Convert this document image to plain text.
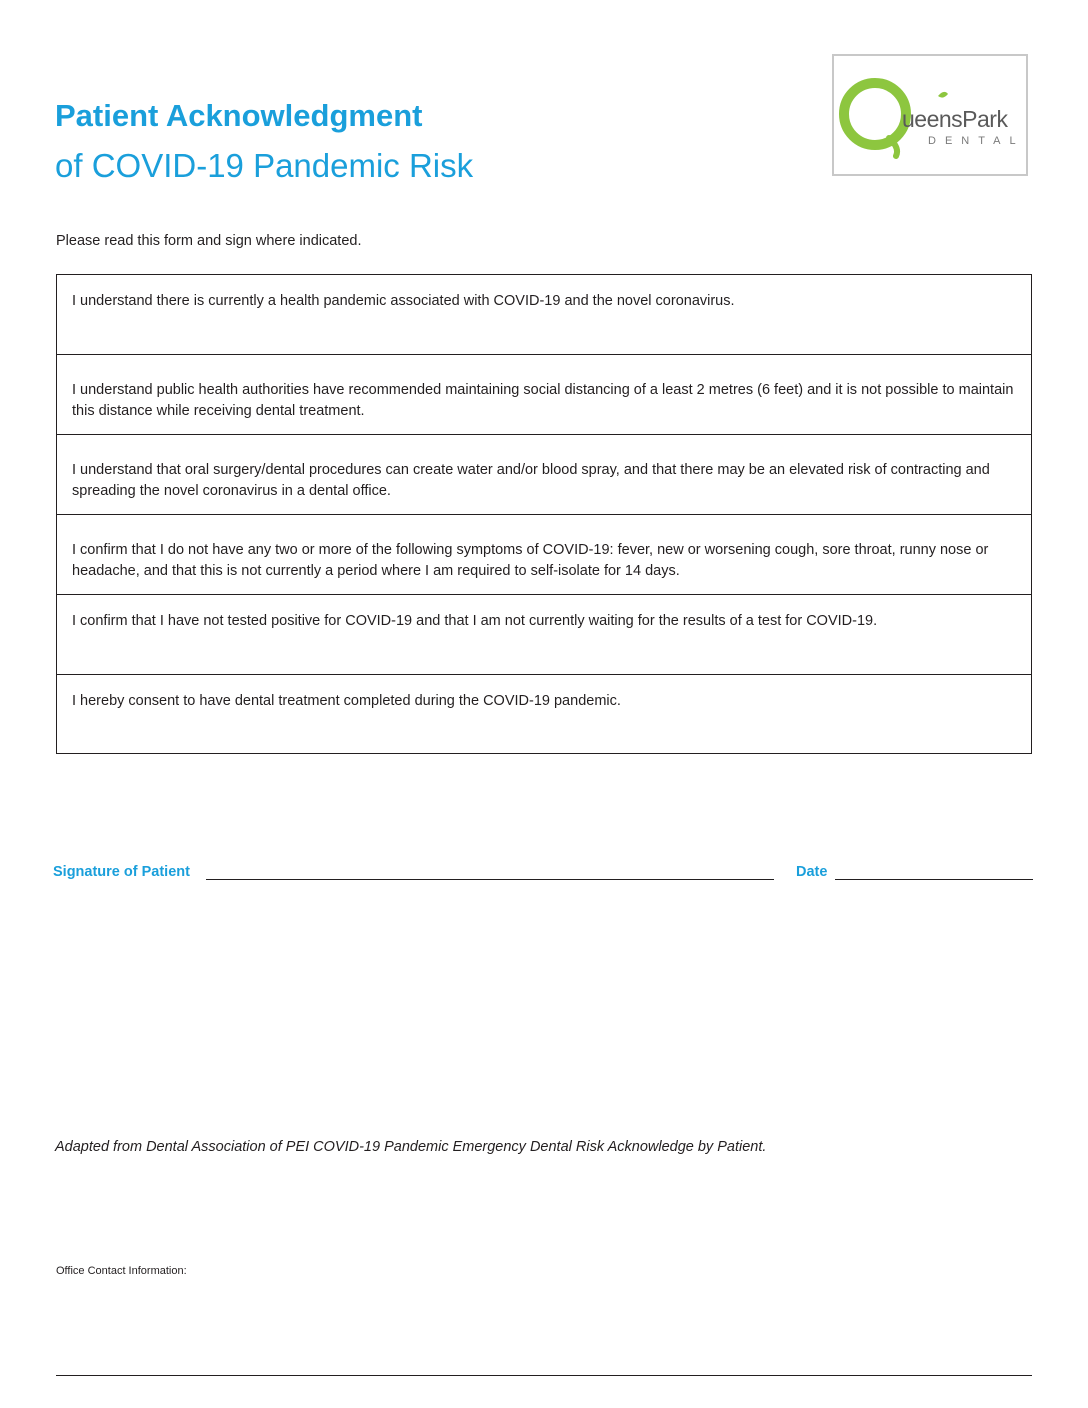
Patient Acknowledgment
of COVID-19 Pandemic Risk
ueensPark
DENTAL
Please read this form and sign where indicated.
I understand there is currently a health pandemic associated with COVID-19 and the novel coronavirus.
I understand public health authorities have recommended maintaining social distancing of a least 2 metres (6 feet) and it is not possible to maintain this distance while receiving dental treatment.
I understand that oral surgery/dental procedures can create water and/or blood spray, and that there may be an elevated risk of contracting and spreading the novel coronavirus in a dental office.
I confirm that I do not have any two or more of the following symptoms of COVID-19: fever, new or worsening cough, sore throat, runny nose or headache, and that this is not currently a period where I am required to self-isolate for 14 days.
I confirm that I have not tested positive for COVID-19 and that I am not currently waiting for the results of a test for COVID-19.
I hereby consent to have dental treatment completed during the COVID-19 pandemic.
Signature of Patient	Date
Adapted from Dental Association of PEI COVID-19 Pandemic Emergency Dental Risk Acknowledge by Patient.
Office Contact Information:
